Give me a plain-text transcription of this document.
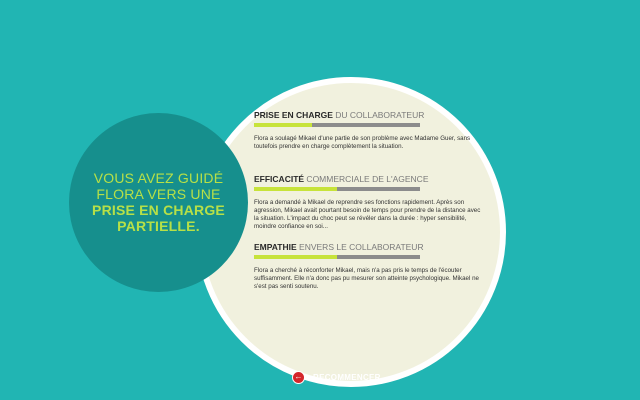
VOUS AVEZ GUIDÉ
FLORA VERS UNE
PRISE EN CHARGE
PARTIELLE.
PRISE EN CHARGE DU COLLABORATEUR
Flora a soulagé Mikael d'une partie de son problème avec Madame Guer, sans toutefois prendre en charge complètement la situation.
EFFICACITÉ COMMERCIALE DE L'AGENCE
Flora a demandé à Mikael de reprendre ses fonctions rapidement. Après son agression, Mikael avait pourtant besoin de temps pour prendre de la distance avec la situation. L'impact du choc peut se révéler dans la durée : hyper sensibilité, moindre confiance en soi...
EMPATHIE ENVERS LE COLLABORATEUR
Flora a cherché à réconforter Mikael, mais n'a pas pris le temps de l'écouter suffisamment. Elle n'a donc pas pu mesurer son atteinte psychologique. Mikael ne s'est pas senti soutenu.
←	RECOMMENCER
